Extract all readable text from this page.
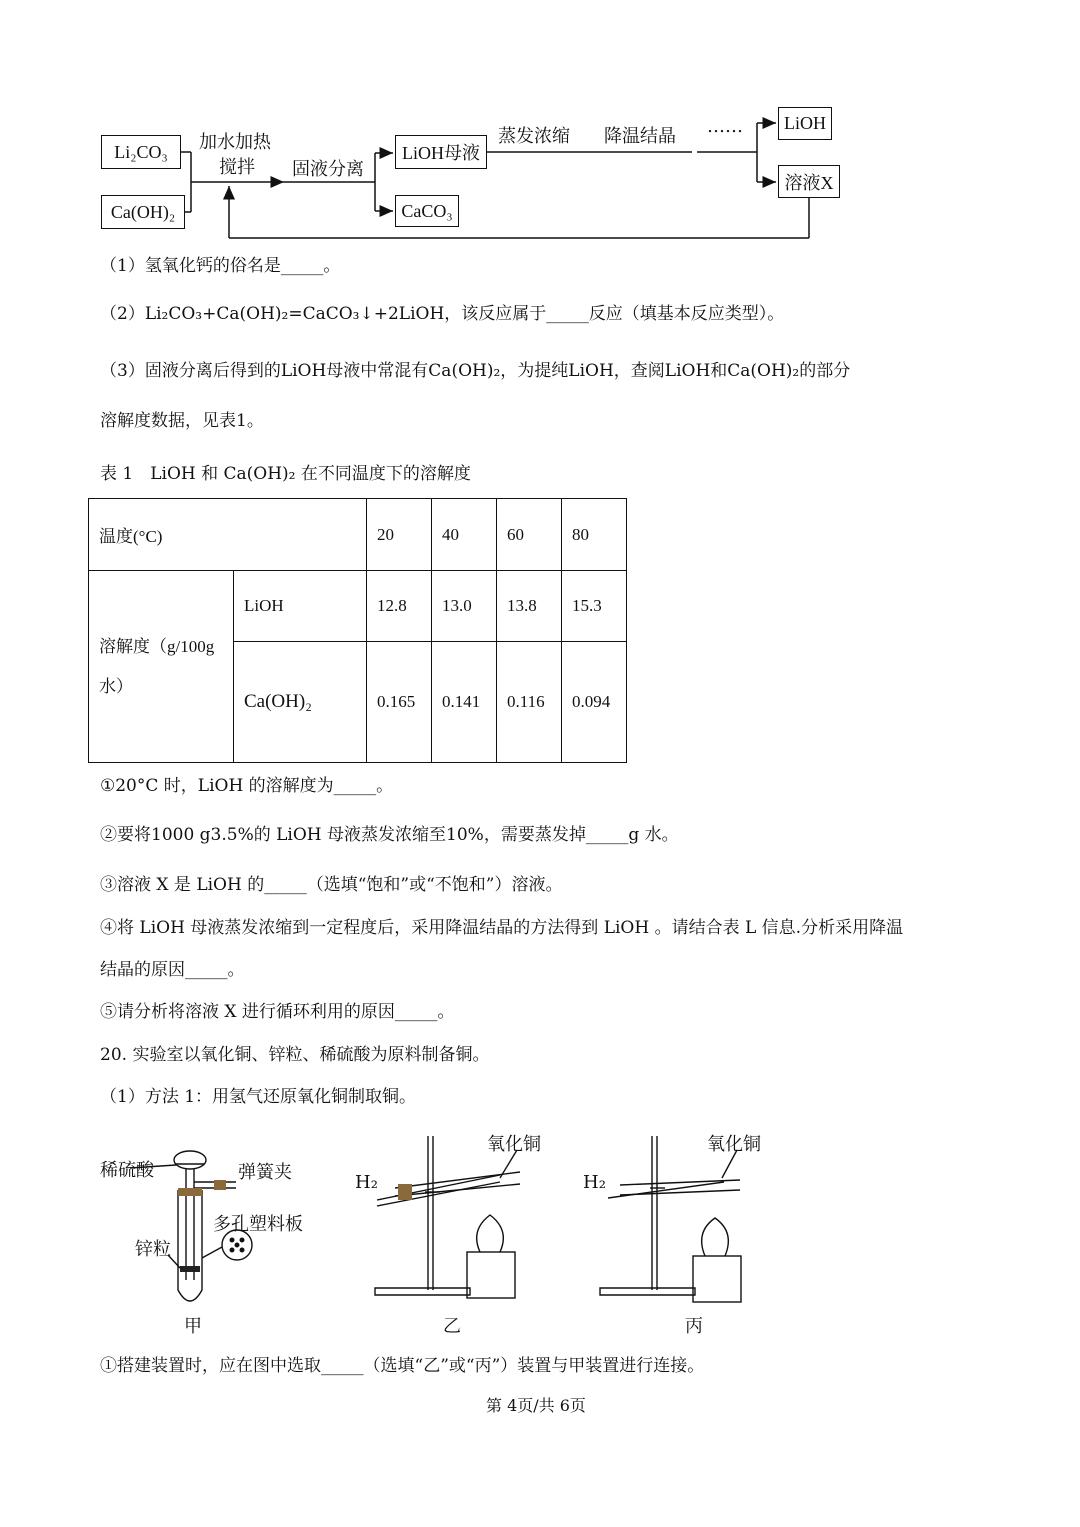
Li₂CO₃
Ca(OH)₂
加水加热
搅拌 固液分离
LiOH母液
CaCO₃
蒸发浓缩 降温结晶 ……	LiOH
溶液X
（1）氢氧化钙的俗名是_____。
（2）Li₂CO₃+Ca(OH)₂=CaCO₃↓+2LiOH，该反应属于_____反应（填基本反应类型）。
（3）固液分离后得到的LiOH母液中常混有Ca(OH)₂，为提纯LiOH，查阅LiOH和Ca(OH)₂的部分
溶解度数据，见表1。
表 1　LiOH 和 Ca(OH)₂ 在不同温度下的溶解度
温度(°C)		20	40	60	80

溶解度（g/100g
水）	LiOH	12.8	13.0	13.8	15.3
	Ca(OH)₂	0.165	0.141	0.116	0.094
①20°C 时，LiOH 的溶解度为_____。
②要将1000 g3.5%的 LiOH 母液蒸发浓缩至10%，需要蒸发掉_____g 水。
③溶液 X 是 LiOH 的_____（选填“饱和”或“不饱和”）溶液。
④将 LiOH 母液蒸发浓缩到一定程度后，采用降温结晶的方法得到 LiOH 。请结合表 L 信息.分析采用降温
结晶的原因_____。
⑤请分析将溶液 X 进行循环利用的原因_____。
20. 实验室以氧化铜、锌粒、稀硫酸为原料制备铜。
（1）方法 1：用氢气还原氧化铜制取铜。
稀硫酸	弹簧夹
多孔塑料板
锌粒
甲
H₂
氧化铜
乙
H₂
氧化铜
丙
①搭建装置时，应在图中选取_____（选填“乙”或“丙”）装置与甲装置进行连接。
第 4页/共 6页
